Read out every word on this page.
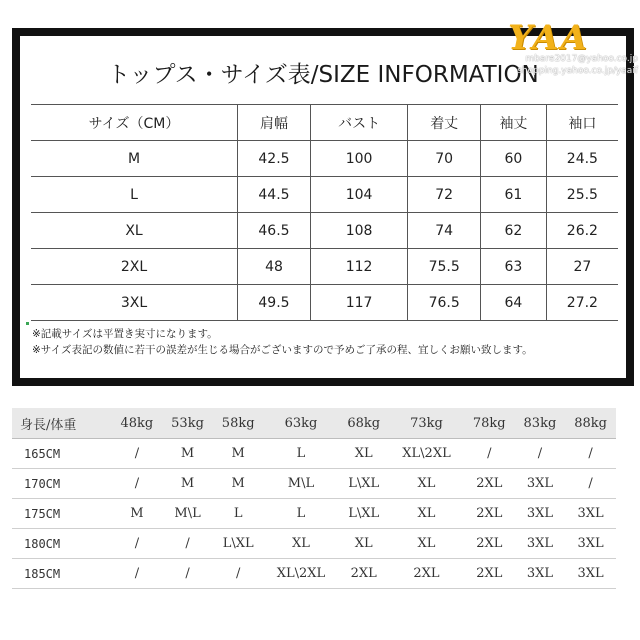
トップス・サイズ表/SIZE INFORMATION
サイズ（CM）	肩幅	バスト	着丈	袖丈	袖口
M	42.5	100	70	60	24.5
L	44.5	104	72	61	25.5
XL	46.5	108	74	62	26.2
2XL	48	112	75.5	63	27
3XL	49.5	117	76.5	64	27.2
※記載サイズは平置き実寸になります。
※サイズ表記の数値に若干の誤差が生じる場合がございますので予めご了承の程、宜しくお願い致します。
YAA
mbare2017@yahoo.co.jp
shopping.yahoo.co.jp/yaaif
身長/体重	48kg	53kg	58kg	63kg	68kg	73kg	78kg	83kg	88kg
165CM	/	M	M	L	XL	XL\2XL	/	/	/
170CM	/	M	M	M\L	L\XL	XL	2XL	3XL	/
175CM	M	M\L	L	L	L\XL	XL	2XL	3XL	3XL
180CM	/	/	L\XL	XL	XL	XL	2XL	3XL	3XL
185CM	/	/	/	XL\2XL	2XL	2XL	2XL	3XL	3XL
